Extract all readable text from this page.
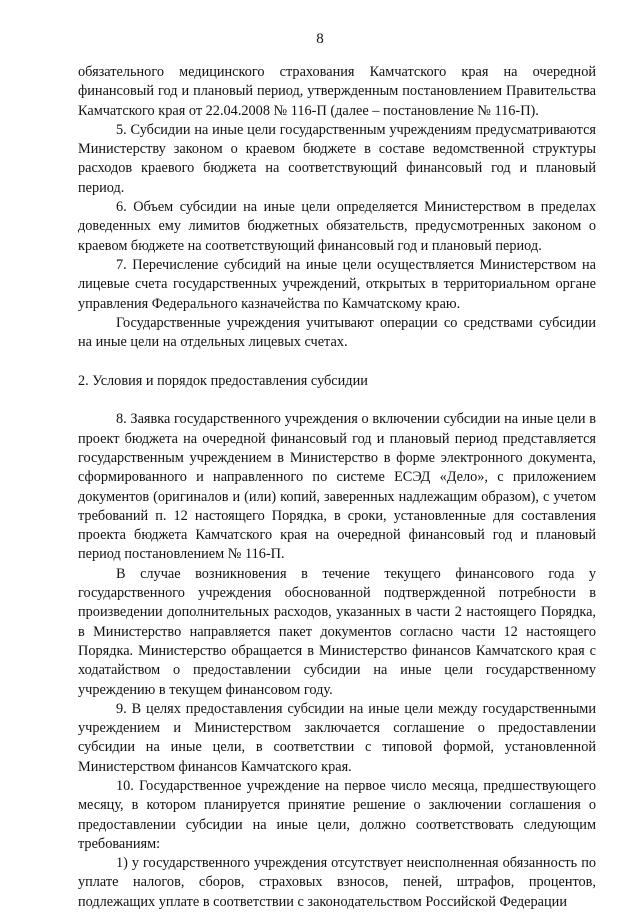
8

обязательного медицинского страхования Камчатского края на очередной финансовый год и плановый период, утвержденным постановлением Правительства Камчатского края от 22.04.2008 № 116-П (далее – постановление № 116-П).

5. Субсидии на иные цели государственным учреждениям предусматриваются Министерству законом о краевом бюджете в составе ведомственной структуры расходов краевого бюджета на соответствующий финансовый год и плановый период.

6. Объем субсидии на иные цели определяется Министерством в пределах доведенных ему лимитов бюджетных обязательств, предусмотренных законом о краевом бюджете на соответствующий финансовый год и плановый период.

7. Перечисление субсидий на иные цели осуществляется Министерством на лицевые счета государственных учреждений, открытых в территориальном органе управления Федерального казначейства по Камчатскому краю.

Государственные учреждения учитывают операции со средствами субсидии на иные цели на отдельных лицевых счетах.

2. Условия и порядок предоставления субсидии

8. Заявка государственного учреждения о включении субсидии на иные цели в проект бюджета на очередной финансовый год и плановый период представляется государственным учреждением в Министерство в форме электронного документа, сформированного и направленного по системе ЕСЭД «Дело», с приложением документов (оригиналов и (или) копий, заверенных надлежащим образом), с учетом требований п. 12 настоящего Порядка, в сроки, установленные для составления проекта бюджета Камчатского края на очередной финансовый год и плановый период постановлением № 116-П.

В случае возникновения в течение текущего финансового года у государственного учреждения обоснованной подтвержденной потребности в произведении дополнительных расходов, указанных в части 2 настоящего Порядка, в Министерство направляется пакет документов согласно части 12 настоящего Порядка. Министерство обращается в Министерство финансов Камчатского края с ходатайством о предоставлении субсидии на иные цели государственному учреждению в текущем финансовом году.

9. В целях предоставления субсидии на иные цели между государственными учреждением и Министерством заключается соглашение о предоставлении субсидии на иные цели, в соответствии с типовой формой, установленной Министерством финансов Камчатского края.

10. Государственное учреждение на первое число месяца, предшествующего месяцу, в котором планируется принятие решение о заключении соглашения о предоставлении субсидии на иные цели, должно соответствовать следующим требованиям:

1) у государственного учреждения отсутствует неисполненная обязанность по уплате налогов, сборов, страховых взносов, пеней, штрафов, процентов, подлежащих уплате в соответствии с законодательством Российской Федерации
